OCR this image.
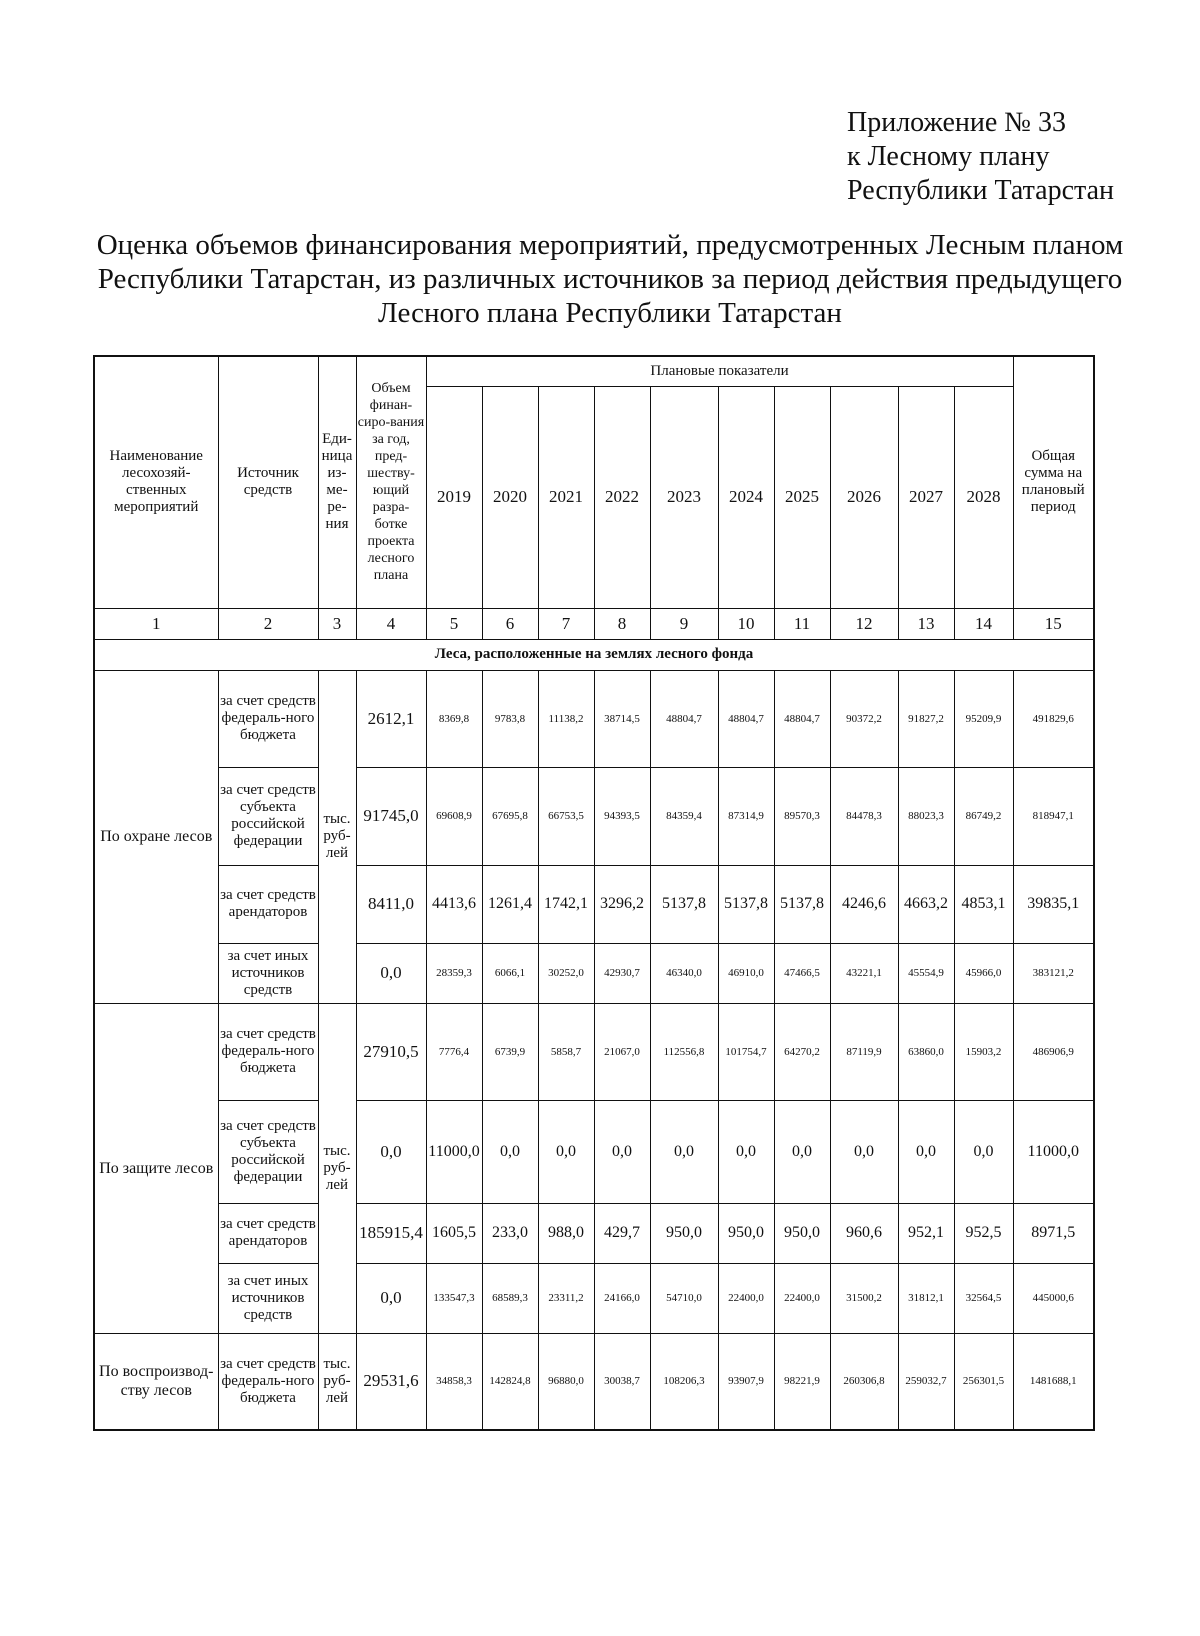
Приложение № 33
к Лесному плану
Республики Татарстан
Оценка объемов финансирования мероприятий, предусмотренных Лесным планом
Республики Татарстан, из различных источников за период действия предыдущего
Лесного плана Республики Татарстан
Наименование лесохозяй-ственных мероприятий	Источник средств	Еди-ница из-ме-ре-ния	Объем финан-сиро-вания за год, пред-шеству-ющий разра-ботке проекта лесного плана	Плановые показатели										Общая сумма на плановый период
				2019	2020	2021	2022	2023	2024	2025	2026	2027	2028	
1	2	3	4	5	6	7	8	9	10	11	12	13	14	15
Леса, расположенные на землях лесного фонда														
По охране лесов	за счет средств федераль-ного бюджета	тыс. руб-лей	2612,1	8369,8	9783,8	11138,2	38714,5	48804,7	48804,7	48804,7	90372,2	91827,2	95209,9	491829,6
	за счет средств субъекта российской федерации		91745,0	69608,9	67695,8	66753,5	94393,5	84359,4	87314,9	89570,3	84478,3	88023,3	86749,2	818947,1
	за счет средств арендаторов		8411,0	4413,6	1261,4	1742,1	3296,2	5137,8	5137,8	5137,8	4246,6	4663,2	4853,1	39835,1
	за счет иных источников средств		0,0	28359,3	6066,1	30252,0	42930,7	46340,0	46910,0	47466,5	43221,1	45554,9	45966,0	383121,2
По защите лесов	за счет средств федераль-ного бюджета	тыс. руб-лей	27910,5	7776,4	6739,9	5858,7	21067,0	112556,8	101754,7	64270,2	87119,9	63860,0	15903,2	486906,9
	за счет средств субъекта российской федерации		0,0	11000,0	0,0	0,0	0,0	0,0	0,0	0,0	0,0	0,0	0,0	11000,0
	за счет средств арендаторов		185915,4	1605,5	233,0	988,0	429,7	950,0	950,0	950,0	960,6	952,1	952,5	8971,5
	за счет иных источников средств		0,0	133547,3	68589,3	23311,2	24166,0	54710,0	22400,0	22400,0	31500,2	31812,1	32564,5	445000,6
По воспроизвод-ству лесов	за счет средств федераль-ного бюджета	тыс. руб-лей	29531,6	34858,3	142824,8	96880,0	30038,7	108206,3	93907,9	98221,9	260306,8	259032,7	256301,5	1481688,1
